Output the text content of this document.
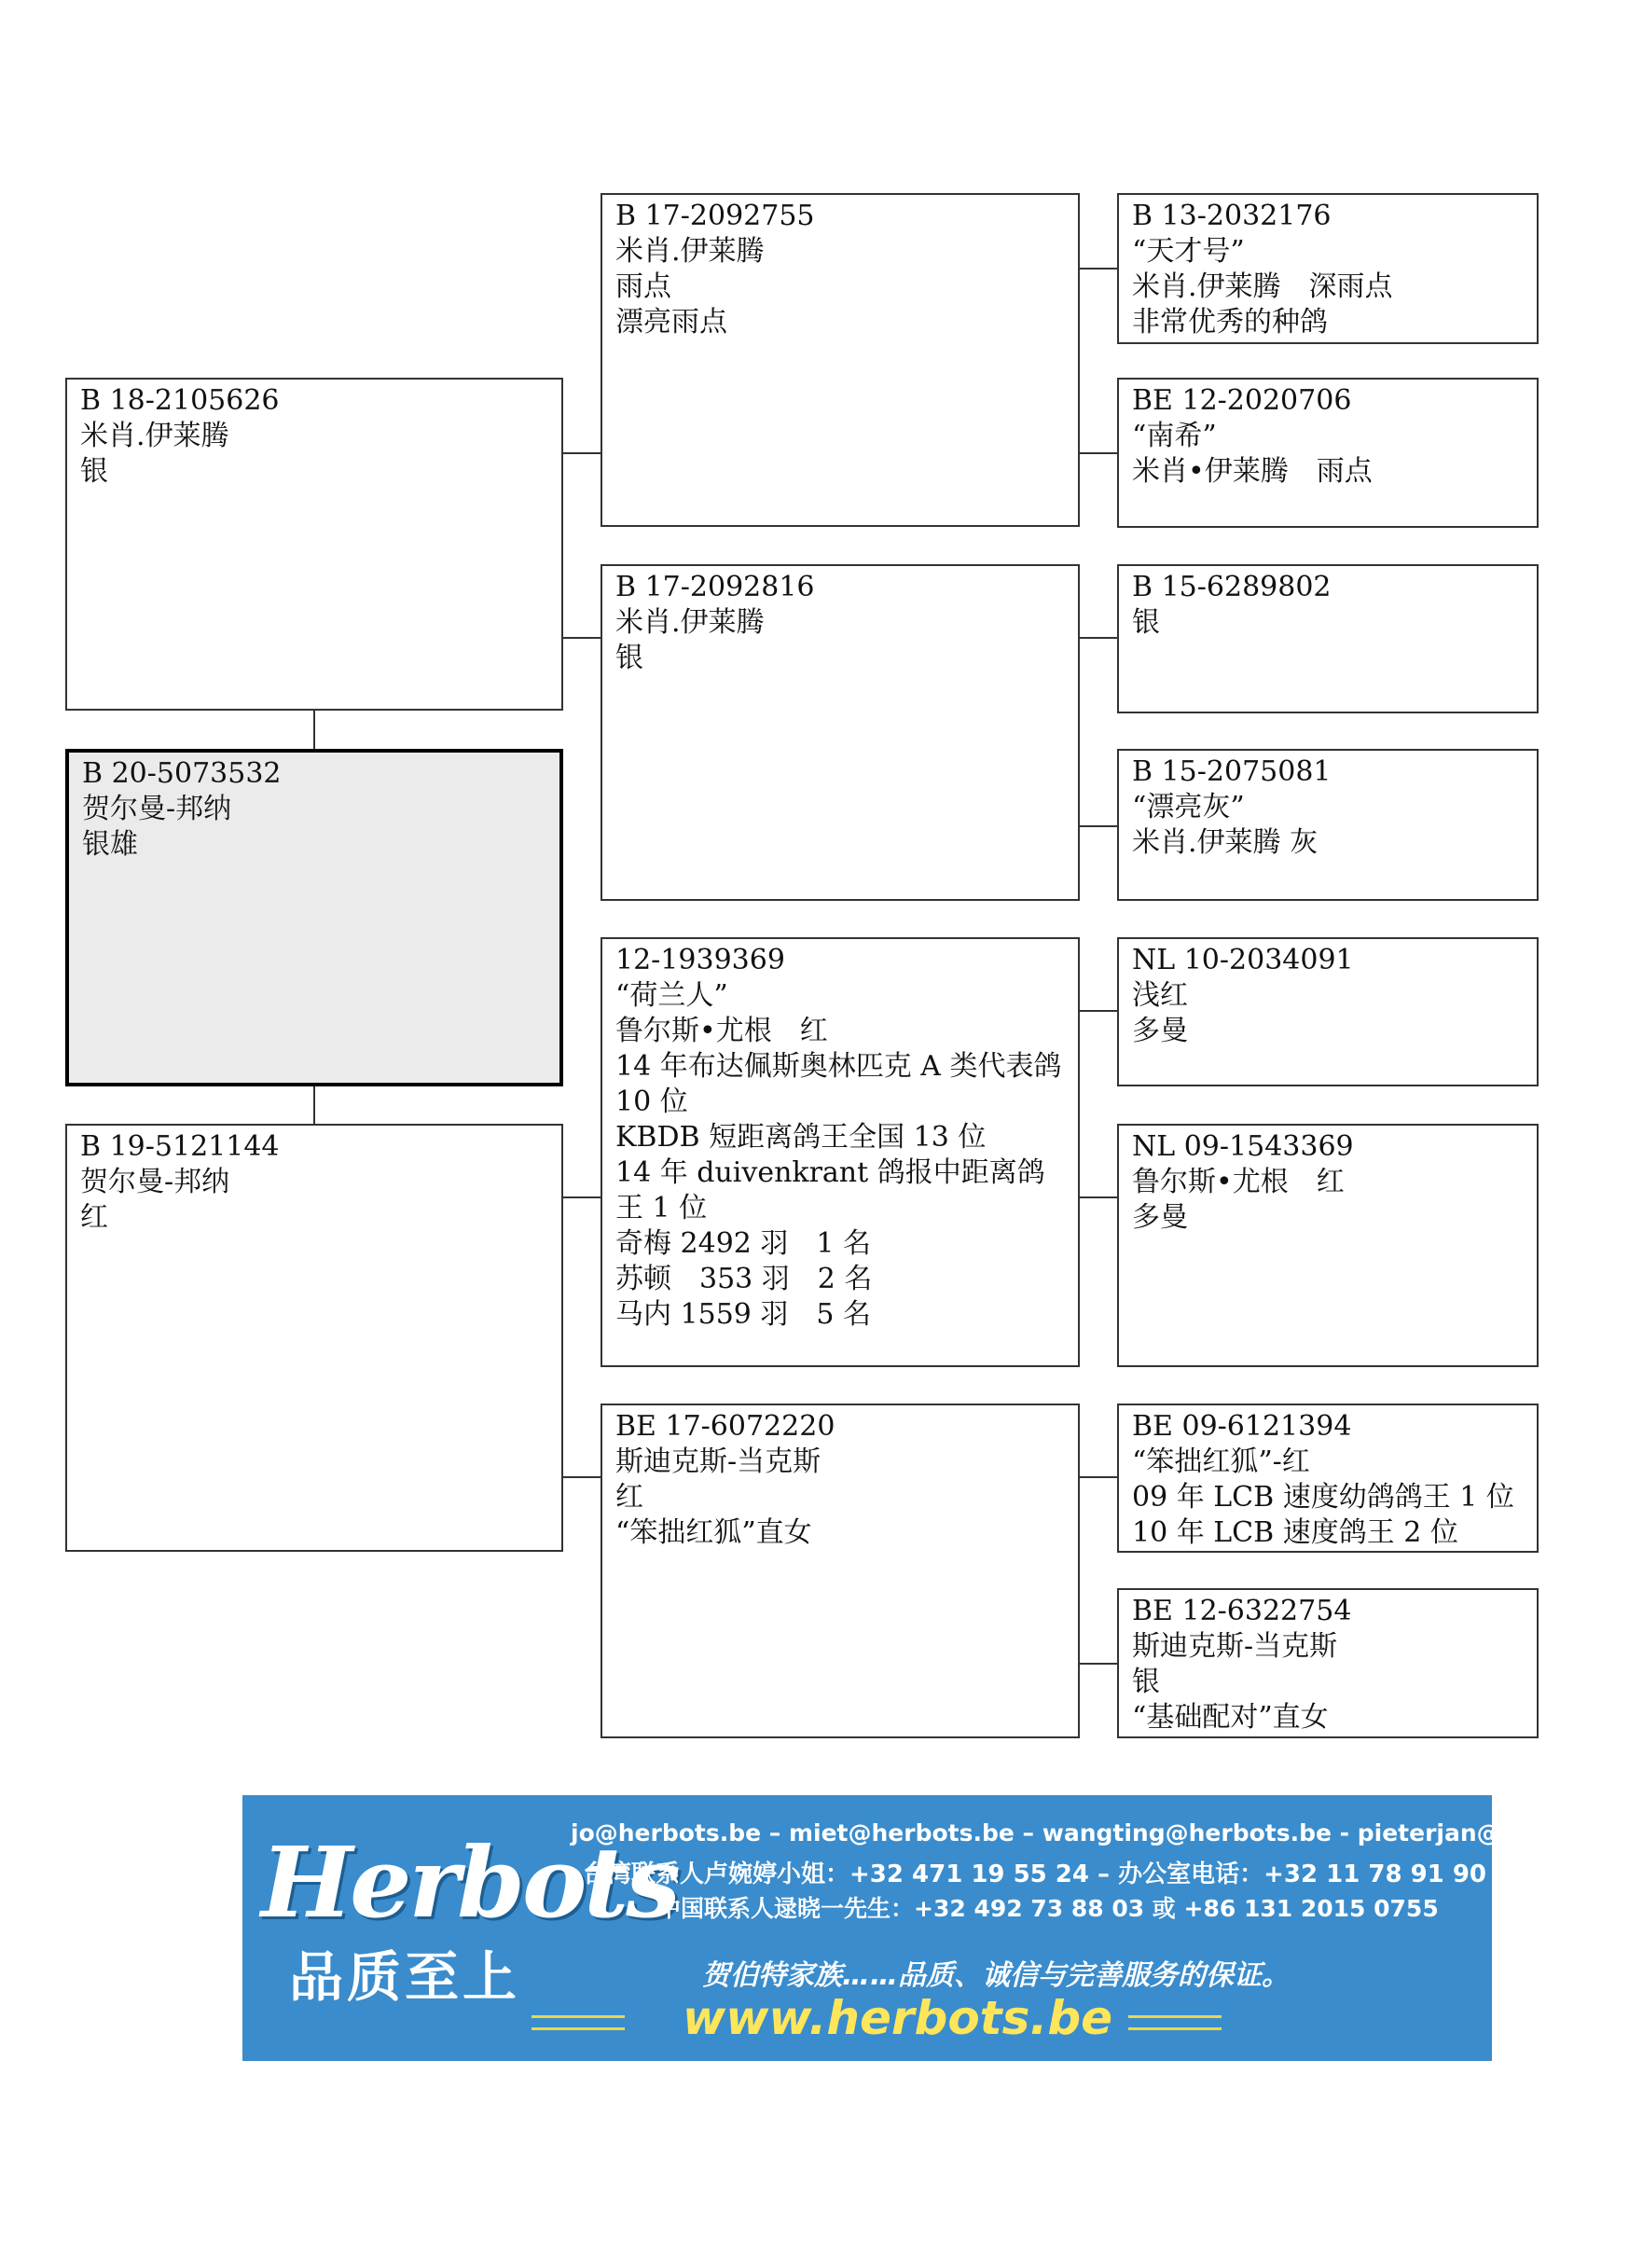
B 18-2105626
米肖.伊莱腾
银
B 20-5073532
贺尔曼-邦纳
银雄
B 19-5121144
贺尔曼-邦纳
红
B 17-2092755
米肖.伊莱腾
雨点
漂亮雨点
B 17-2092816
米肖.伊莱腾
银
12-1939369
“荷兰人”
鲁尔斯•尤根　红
14 年布达佩斯奥林匹克 A 类代表鸽 10 位
KBDB 短距离鸽王全国 13 位
14 年 duivenkrant 鸽报中距离鸽王 1 位
奇梅 2492 羽　1 名
苏顿　353 羽　2 名
马内 1559 羽　5 名
BE 17-6072220
斯迪克斯-当克斯
红
“笨拙红狐”直女
B 13-2032176
“天才号”
米肖.伊莱腾　深雨点
非常优秀的种鸽
BE 12-2020706
“南希”
米肖•伊莱腾　雨点
B 15-6289802
银
B 15-2075081
“漂亮灰”
米肖.伊莱腾 灰
NL 10-2034091
浅红
多曼
NL 09-1543369
鲁尔斯•尤根　红
多曼
BE 09-6121394
“笨拙红狐”-红
09 年 LCB 速度幼鸽鸽王 1 位
10 年 LCB 速度鸽王 2 位
BE 12-6322754
斯迪克斯-当克斯
银
“基础配对”直女
Herbots
品质至上
jo@herbots.be – miet@herbots.be – wangting@herbots.be - pieterjan@herbots.be
台湾联系人卢婉婷小姐：+32 471 19 55 24 – 办公室电话：+32 11 78 91 90
中国联系人逯晓一先生：+32 492 73 88 03 或 +86 131 2015 0755
贺伯特家族……品质、诚信与完善服务的保证。
www.herbots.be
